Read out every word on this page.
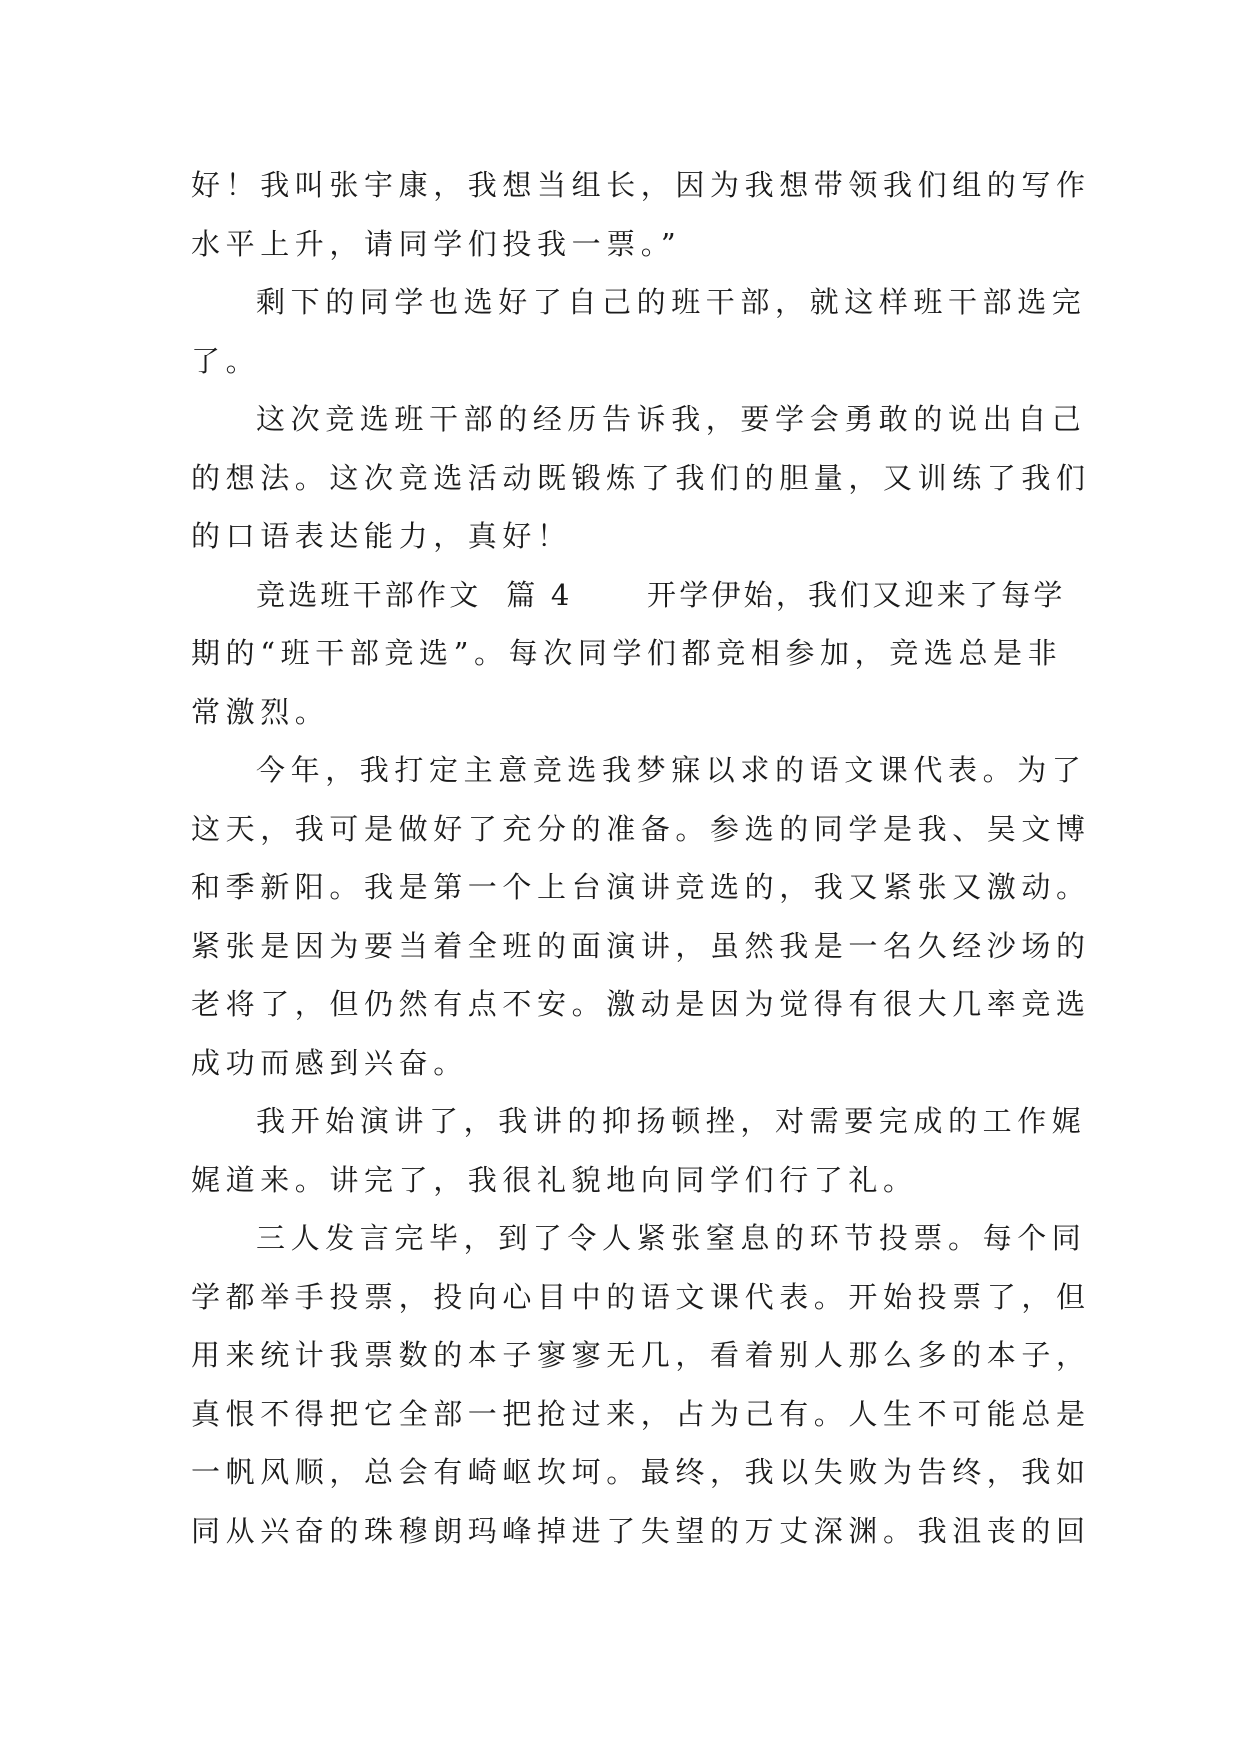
好！我叫张宇康，我想当组长，因为我想带领我们组的写作
水平上升，请同学们投我一票。”
剩下的同学也选好了自己的班干部，就这样班干部选完
了。
这次竞选班干部的经历告诉我，要学会勇敢的说出自己
的想法。这次竞选活动既锻炼了我们的胆量，又训练了我们
的口语表达能力，真好！
竞选班干部作文  篇 4      开学伊始，我们又迎来了每学
期的“班干部竞选”。每次同学们都竞相参加，竞选总是非
常激烈。
今年，我打定主意竞选我梦寐以求的语文课代表。为了
这天，我可是做好了充分的准备。参选的同学是我、吴文博
和季新阳。我是第一个上台演讲竞选的，我又紧张又激动。
紧张是因为要当着全班的面演讲，虽然我是一名久经沙场的
老将了，但仍然有点不安。激动是因为觉得有很大几率竞选
成功而感到兴奋。
我开始演讲了，我讲的抑扬顿挫，对需要完成的工作娓
娓道来。讲完了，我很礼貌地向同学们行了礼。
三人发言完毕，到了令人紧张窒息的环节投票。每个同
学都举手投票，投向心目中的语文课代表。开始投票了，但
用来统计我票数的本子寥寥无几，看着别人那么多的本子，
真恨不得把它全部一把抢过来，占为己有。人生不可能总是
一帆风顺，总会有崎岖坎坷。最终，我以失败为告终，我如
同从兴奋的珠穆朗玛峰掉进了失望的万丈深渊。我沮丧的回
